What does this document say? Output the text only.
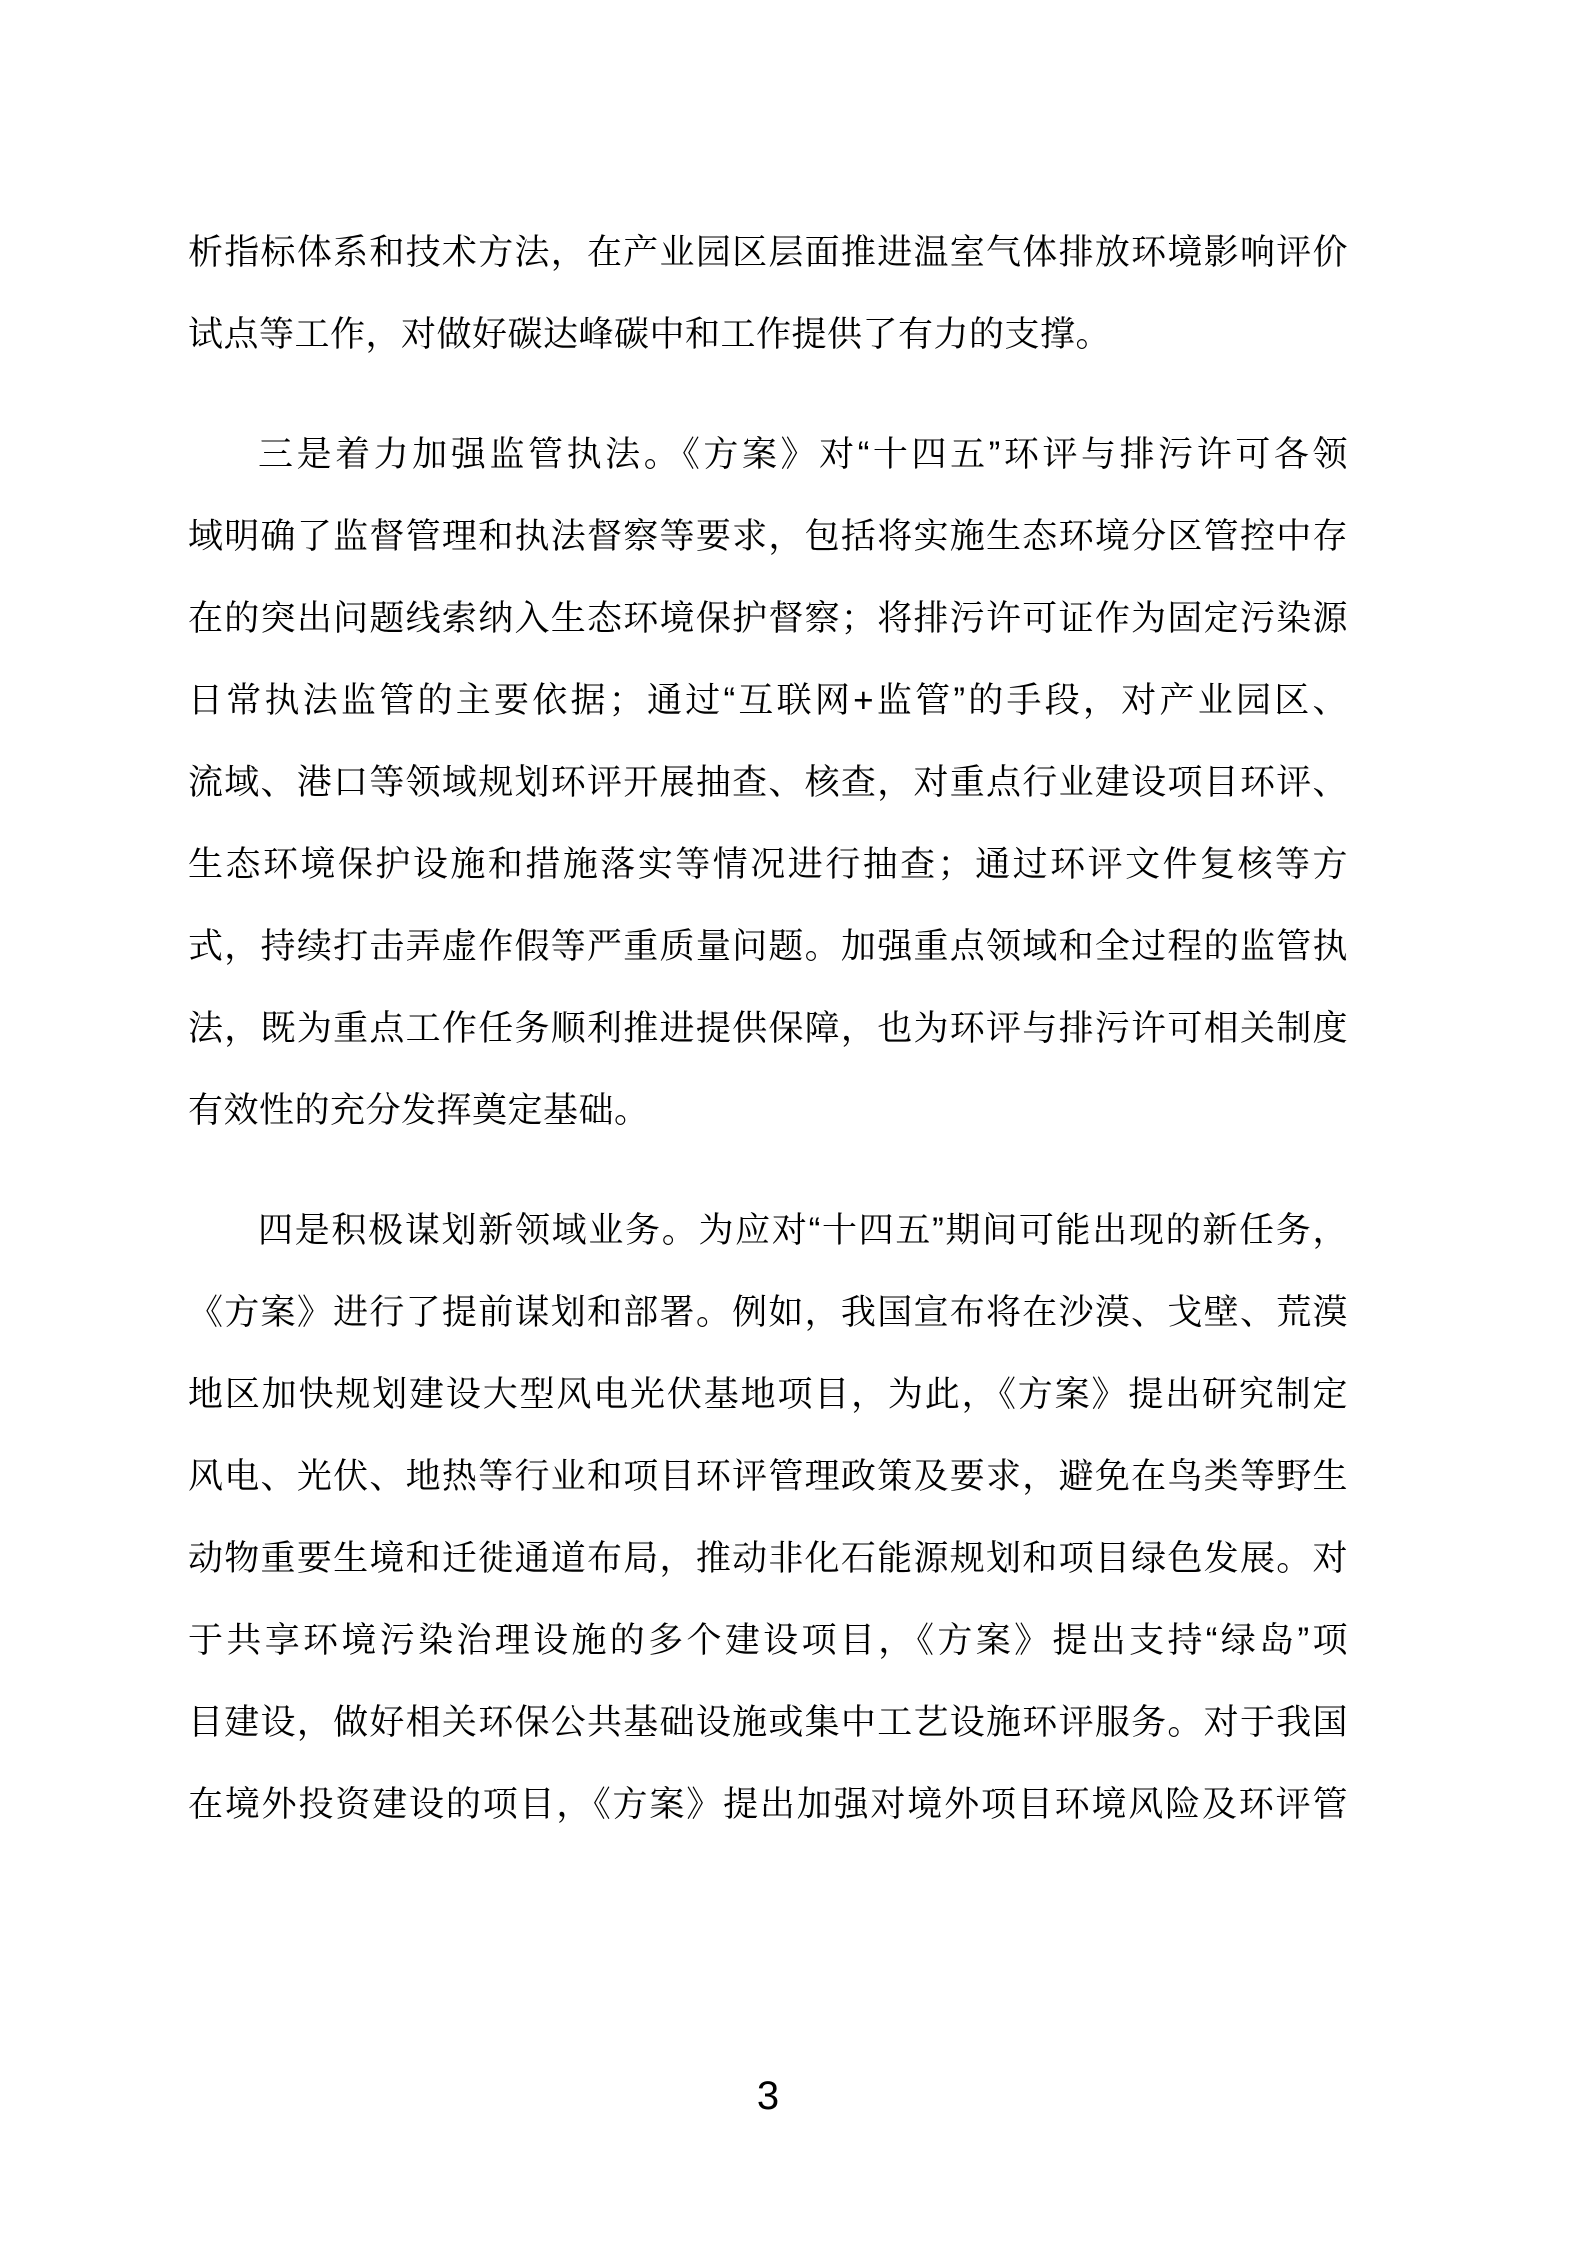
析指标体系和技术方法，在产业园区层面推进温室气体排放环境影响评价
试点等工作，对做好碳达峰碳中和工作提供了有力的支撑。
三是着力加强监管执法。《方案》对“十四五”环评与排污许可各领
域明确了监督管理和执法督察等要求，包括将实施生态环境分区管控中存
在的突出问题线索纳入生态环境保护督察；将排污许可证作为固定污染源
日常执法监管的主要依据；通过“互联网+监管”的手段，对产业园区、
流域、港口等领域规划环评开展抽查、核查，对重点行业建设项目环评、
生态环境保护设施和措施落实等情况进行抽查；通过环评文件复核等方
式，持续打击弄虚作假等严重质量问题。加强重点领域和全过程的监管执
法，既为重点工作任务顺利推进提供保障，也为环评与排污许可相关制度
有效性的充分发挥奠定基础。
四是积极谋划新领域业务。为应对“十四五”期间可能出现的新任务，
《方案》进行了提前谋划和部署。例如，我国宣布将在沙漠、戈壁、荒漠
地区加快规划建设大型风电光伏基地项目，为此，《方案》提出研究制定
风电、光伏、地热等行业和项目环评管理政策及要求，避免在鸟类等野生
动物重要生境和迁徙通道布局，推动非化石能源规划和项目绿色发展。对
于共享环境污染治理设施的多个建设项目，《方案》提出支持“绿岛”项
目建设，做好相关环保公共基础设施或集中工艺设施环评服务。对于我国
在境外投资建设的项目，《方案》提出加强对境外项目环境风险及环评管
3
